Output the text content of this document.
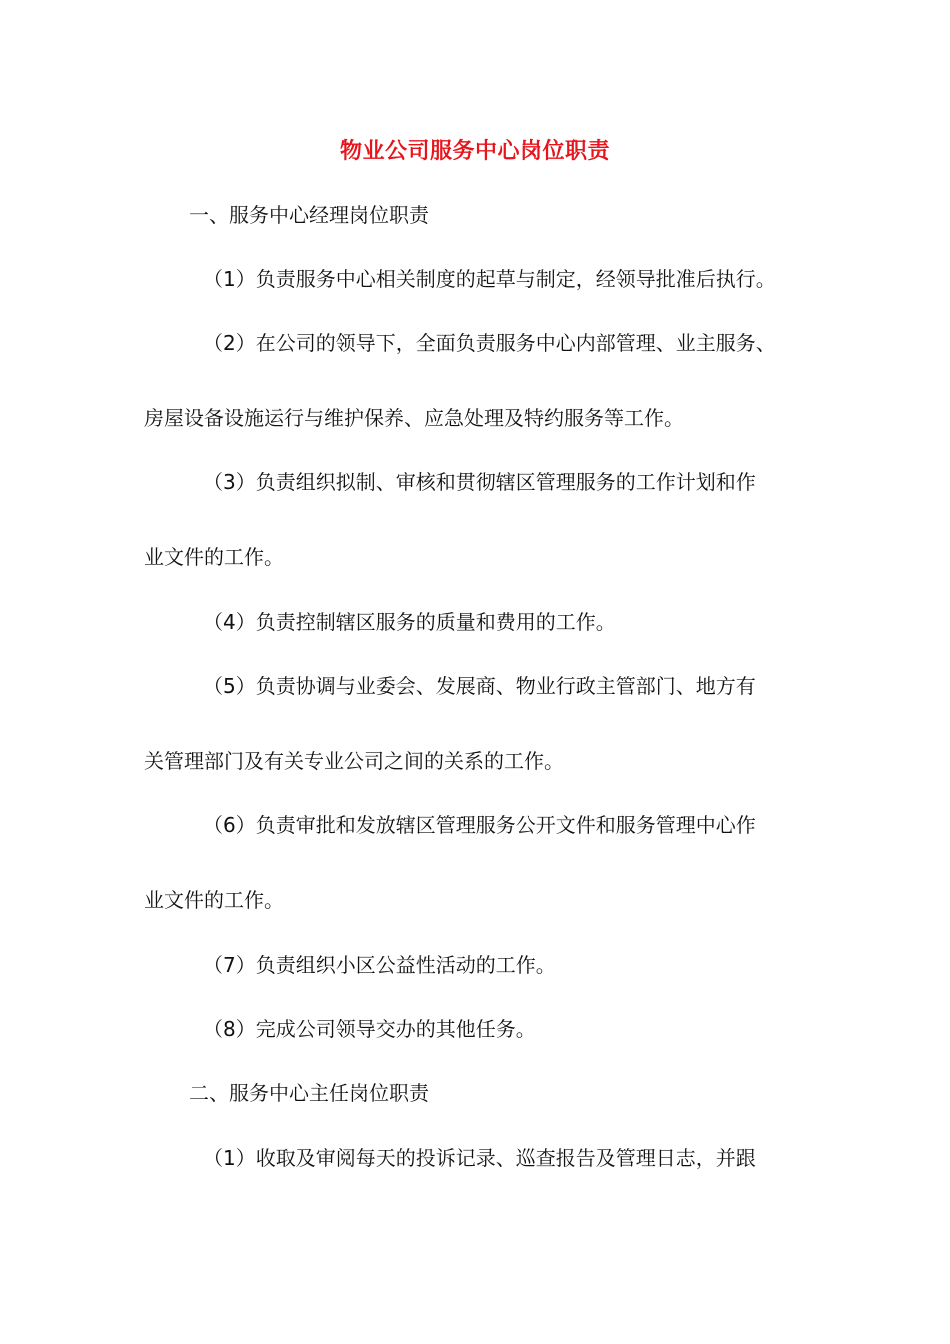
物业公司服务中心岗位职责
一、服务中心经理岗位职责
（1）负责服务中心相关制度的起草与制定，经领导批准后执行。
（2）在公司的领导下，全面负责服务中心内部管理、业主服务、
房屋设备设施运行与维护保养、应急处理及特约服务等工作。
（3）负责组织拟制、审核和贯彻辖区管理服务的工作计划和作
业文件的工作。
（4）负责控制辖区服务的质量和费用的工作。
（5）负责协调与业委会、发展商、物业行政主管部门、地方有
关管理部门及有关专业公司之间的关系的工作。
（6）负责审批和发放辖区管理服务公开文件和服务管理中心作
业文件的工作。
（7）负责组织小区公益性活动的工作。
（8）完成公司领导交办的其他任务。
二、服务中心主任岗位职责
（1）收取及审阅每天的投诉记录、巡查报告及管理日志，并跟
